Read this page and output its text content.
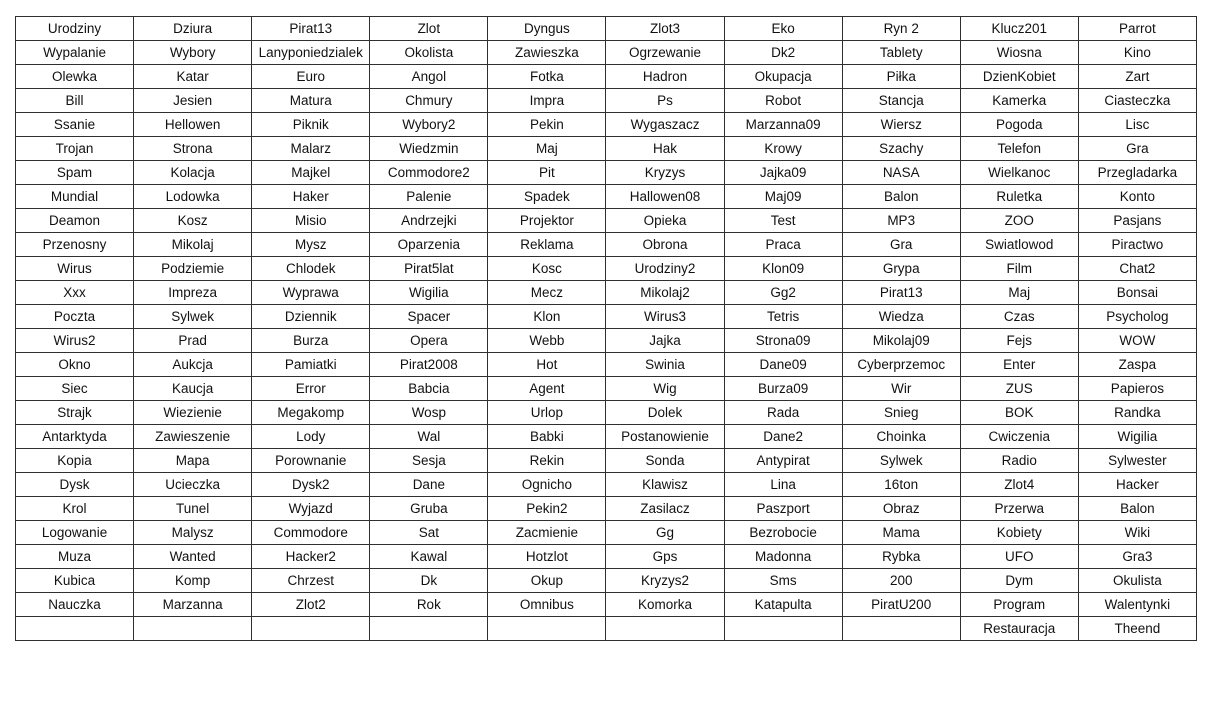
Urodziny	Dziura	Pirat13	Zlot	Dyngus	Zlot3	Eko	Ryn 2	Klucz201	Parrot
Wypalanie	Wybory	Lanyponiedzialek	Okolista	Zawieszka	Ogrzewanie	Dk2	Tablety	Wiosna	Kino
Olewka	Katar	Euro	Angol	Fotka	Hadron	Okupacja	Piłka	DzienKobiet	Zart
Bill	Jesien	Matura	Chmury	Impra	Ps	Robot	Stancja	Kamerka	Ciasteczka
Ssanie	Hellowen	Piknik	Wybory2	Pekin	Wygaszacz	Marzanna09	Wiersz	Pogoda	Lisc
Trojan	Strona	Malarz	Wiedzmin	Maj	Hak	Krowy	Szachy	Telefon	Gra
Spam	Kolacja	Majkel	Commodore2	Pit	Kryzys	Jajka09	NASA	Wielkanoc	Przegladarka
Mundial	Lodowka	Haker	Palenie	Spadek	Hallowen08	Maj09	Balon	Ruletka	Konto
Deamon	Kosz	Misio	Andrzejki	Projektor	Opieka	Test	MP3	ZOO	Pasjans
Przenosny	Mikolaj	Mysz	Oparzenia	Reklama	Obrona	Praca	Gra	Swiatlowod	Piractwo
Wirus	Podziemie	Chlodek	Pirat5lat	Kosc	Urodziny2	Klon09	Grypa	Film	Chat2
Xxx	Impreza	Wyprawa	Wigilia	Mecz	Mikolaj2	Gg2	Pirat13	Maj	Bonsai
Poczta	Sylwek	Dziennik	Spacer	Klon	Wirus3	Tetris	Wiedza	Czas	Psycholog
Wirus2	Prad	Burza	Opera	Webb	Jajka	Strona09	Mikolaj09	Fejs	WOW
Okno	Aukcja	Pamiatki	Pirat2008	Hot	Swinia	Dane09	Cyberprzemoc	Enter	Zaspa
Siec	Kaucja	Error	Babcia	Agent	Wig	Burza09	Wir	ZUS	Papieros
Strajk	Wiezienie	Megakomp	Wosp	Urlop	Dolek	Rada	Snieg	BOK	Randka
Antarktyda	Zawieszenie	Lody	Wal	Babki	Postanowienie	Dane2	Choinka	Cwiczenia	Wigilia
Kopia	Mapa	Porownanie	Sesja	Rekin	Sonda	Antypirat	Sylwek	Radio	Sylwester
Dysk	Ucieczka	Dysk2	Dane	Ognicho	Klawisz	Lina	16ton	Zlot4	Hacker
Krol	Tunel	Wyjazd	Gruba	Pekin2	Zasilacz	Paszport	Obraz	Przerwa	Balon
Logowanie	Malysz	Commodore	Sat	Zacmienie	Gg	Bezrobocie	Mama	Kobiety	Wiki
Muza	Wanted	Hacker2	Kawal	Hotzlot	Gps	Madonna	Rybka	UFO	Gra3
Kubica	Komp	Chrzest	Dk	Okup	Kryzys2	Sms	200	Dym	Okulista
Nauczka	Marzanna	Zlot2	Rok	Omnibus	Komorka	Katapulta	PiratU200	Program	Walentynki
								Restauracja	Theend
